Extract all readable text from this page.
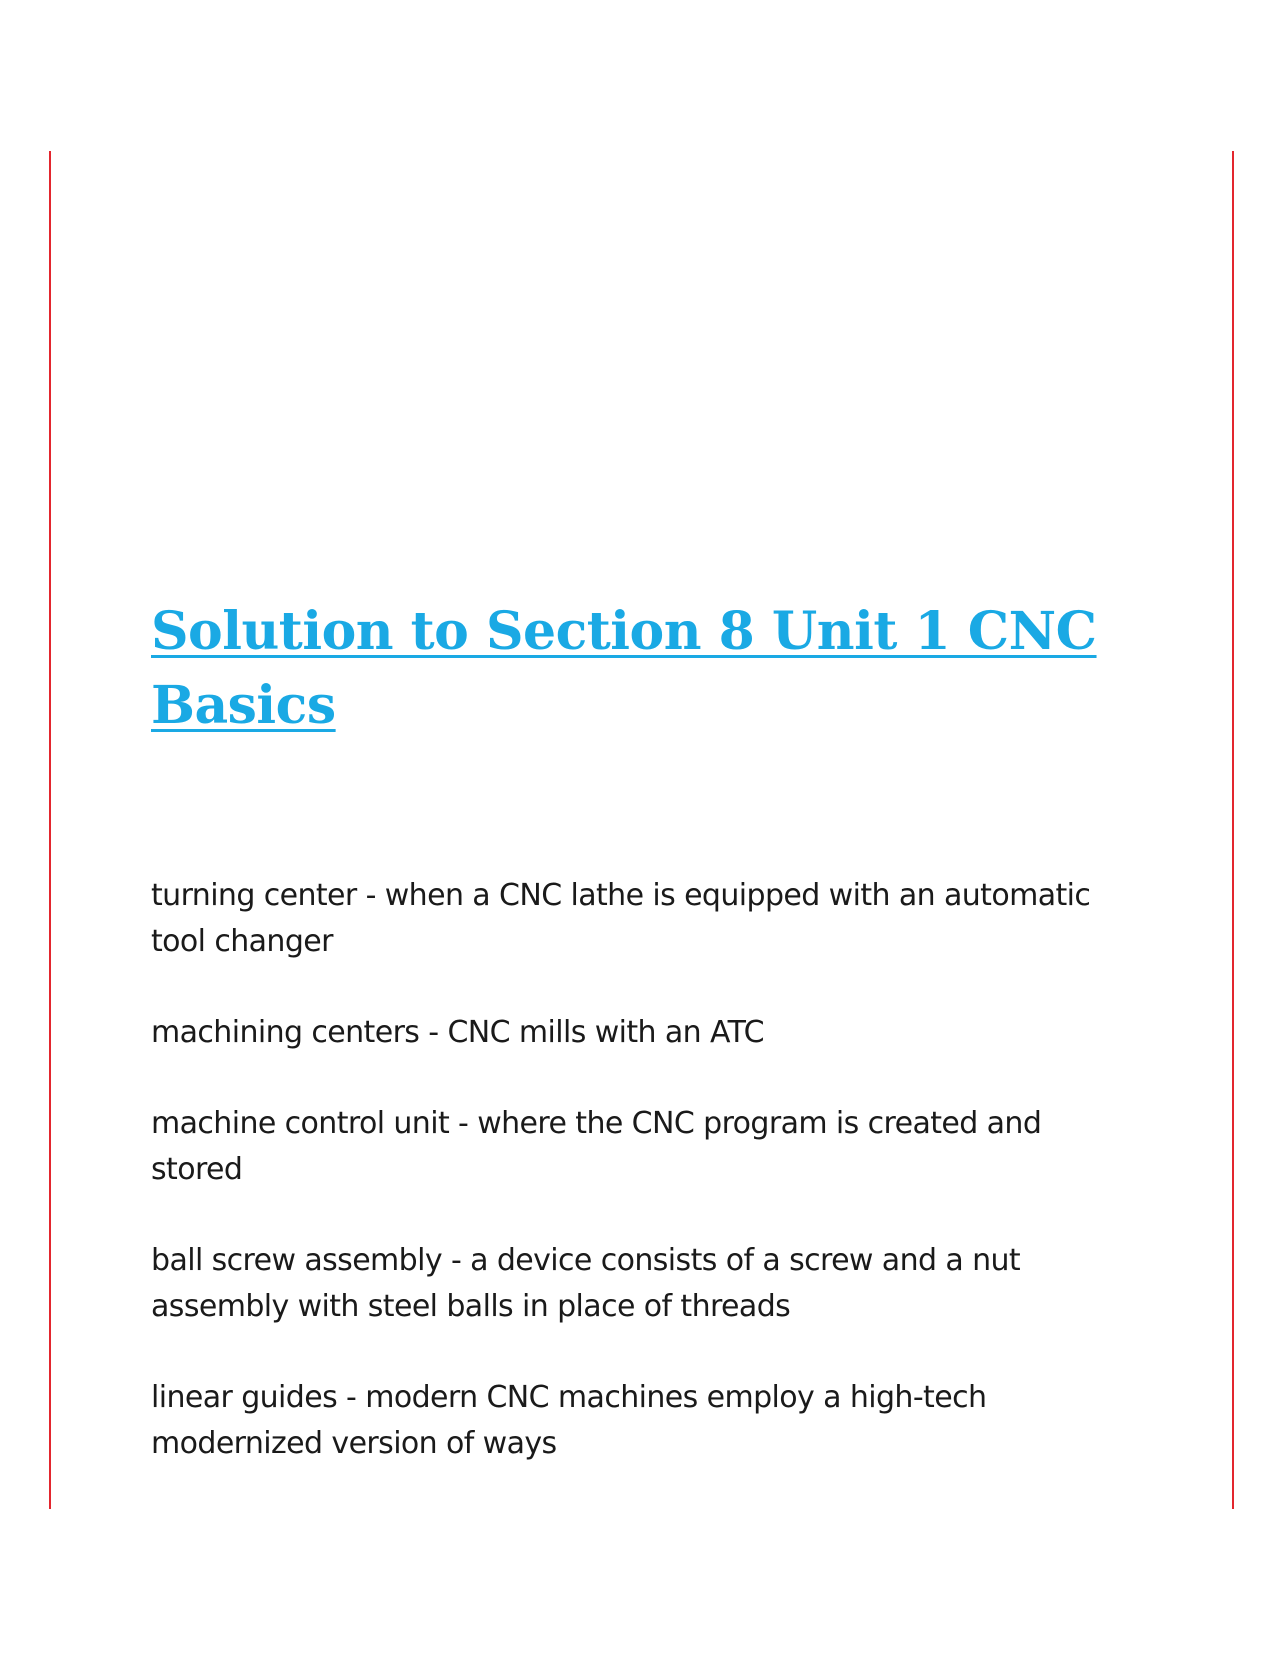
Solution to Section 8 Unit 1 CNC Basics

turning center - when a CNC lathe is equipped with an automatic tool changer

machining centers - CNC mills with an ATC

machine control unit - where the CNC program is created and stored

ball screw assembly - a device consists of a screw and a nut assembly with steel balls in place of threads

linear guides - modern CNC machines employ a high-tech modernized version of ways
